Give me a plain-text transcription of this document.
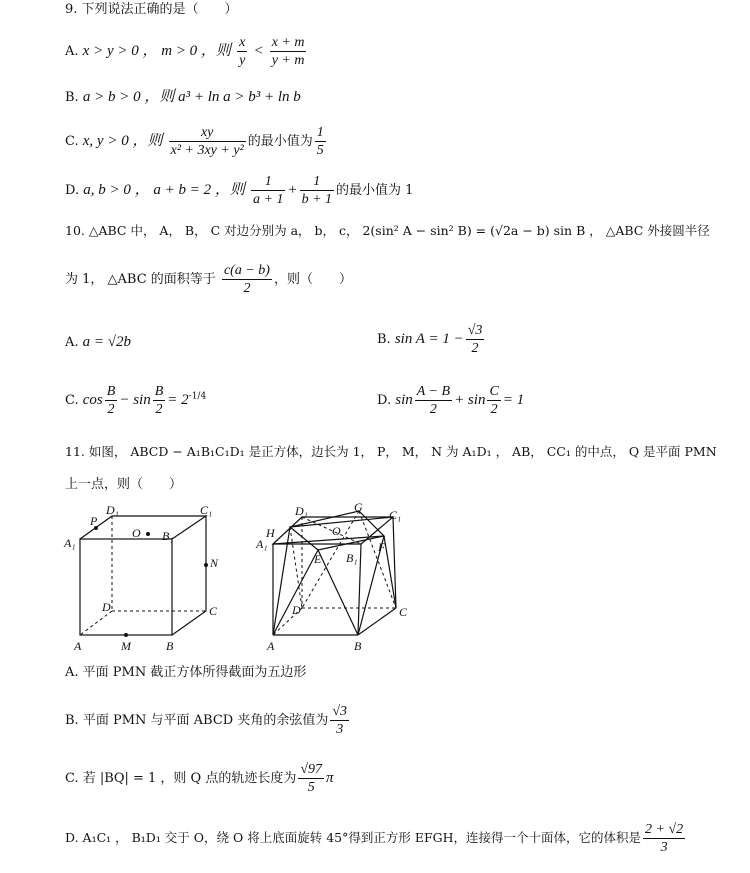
9. 下列说法正确的是（　　）
A. x > y > 0 ， m > 0 ，则 $\frac{x}{y} < \frac{x + m}{y + m}$
B. a > b > 0 ，则 a³ + ln a > b³ + ln b
C. x, y > 0 ，则 $\frac{xy}{\text{x² + 3xy + y²}}$ 的最小值为 $\frac{1}{5}$
D. a, b > 0 ， a + b = 2 ，则 $\frac{1}{a + 1} + \frac{1}{b + 1}$ 的最小值为 1
10. △ABC 中， A， B， C 对边分别为 a， b， c， 2(sin² A − sin² B) = (√2a − b) sin B ， △ABC 外接圆半径
为 1， △ABC 的面积等于 $\frac{c(a - b)}{2}$ ，则（　　）
A. a = √2b	B. $\sin A = 1 - \frac{√3}{2}$
C. $\cos \frac{B}{2} - \sin \frac{B}{2} = 2^{-1/4}$	D. $\sin \frac{A - B}{2} + \sin \frac{C}{2} = 1$
11. 如图， ABCD − A₁B₁C₁D₁ 是正方体，边长为 1， P， M， N 为 A₁D₁ ， AB， CC₁ 的中点， Q 是平面 PMN
上一点，则（　　）
D₁	C₁
A₁
P
O B₁
N
D	C
A	M	B
D₁	G
C₁
H
A₁
O
F
E B₁
D	C
A	B
A. 平面 PMN 截正方体所得截面为五边形
B. 平面 PMN 与平面 ABCD 夹角的余弦值为 $\frac{√3}{3}$
C. 若 |BQ| = 1 ，则 Q 点的轨迹长度为 $\frac{√97}{5}$ π
D. A₁C₁ ， B₁D₁ 交于 O，绕 O 将上底面旋转 45°得到正方形 EFGH，连接得一个十面体，它的体积是 $\frac{2 + √2}{3}$
